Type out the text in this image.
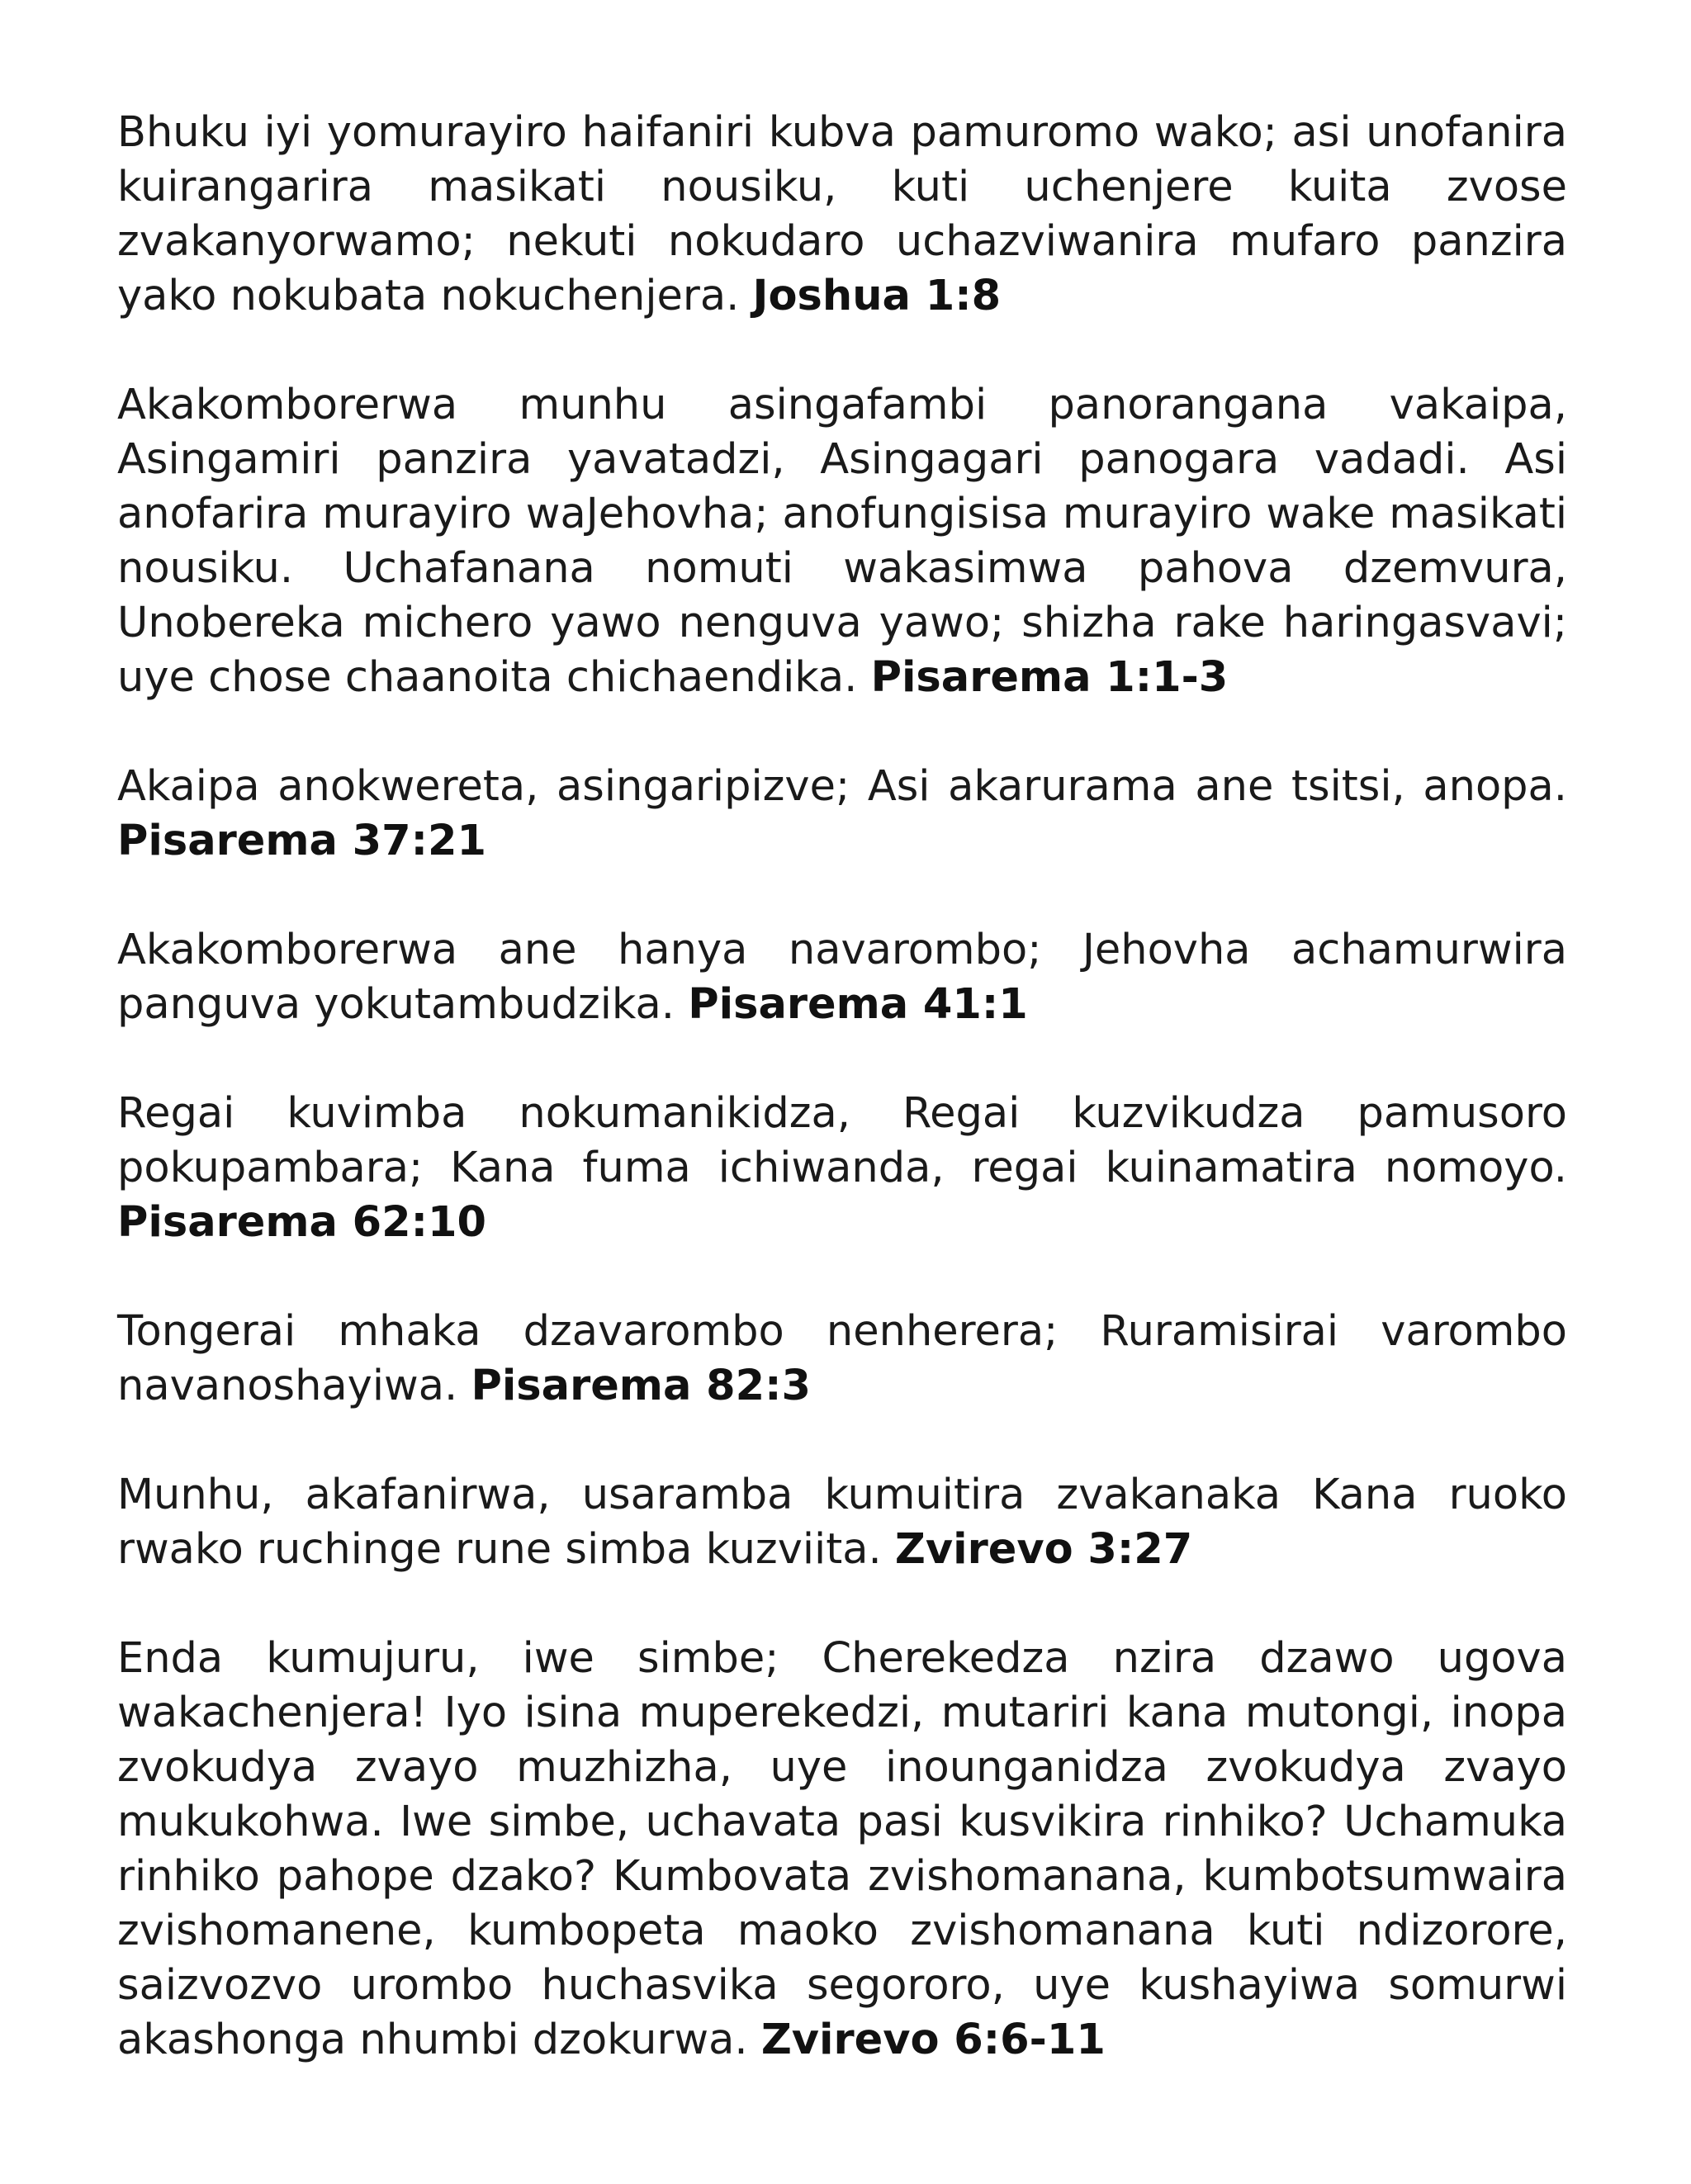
Bhuku iyi yomurayiro haifaniri kubva pamuromo wako; asi unofanira kuirangarira masikati nousiku, kuti uchenjere kuita zvose zvakanyorwamo; nekuti nokudaro uchazviwanira mufaro panzira yako nokubata nokuchenjera. Joshua 1:8

Akakomborerwa munhu asingafambi panorangana vakaipa, Asingamiri panzira yavatadzi, Asingagari panogara vadadi. Asi anofarira murayiro waJehovha; anofungisisa murayiro wake masikati nousiku. Uchafanana nomuti wakasimwa pahova dzemvura, Unobereka michero yawo nenguva yawo; shizha rake haringasvavi; uye chose chaanoita chichaendika. Pisarema 1:1-3

Akaipa anokwereta, asingaripizve; Asi akarurama ane tsitsi, anopa. Pisarema 37:21

Akakomborerwa ane hanya navarombo; Jehovha achamurwira panguva yokutambudzika. Pisarema 41:1

Regai kuvimba nokumanikidza, Regai kuzvikudza pamusoro pokupambara; Kana fuma ichiwanda, regai kuinamatira nomoyo. Pisarema 62:10

Tongerai mhaka dzavarombo nenherera; Ruramisirai varombo navanoshayiwa. Pisarema 82:3

Munhu, akafanirwa, usaramba kumuitira zvakanaka Kana ruoko rwako ruchinge rune simba kuzviita. Zvirevo 3:27

Enda kumujuru, iwe simbe; Cherekedza nzira dzawo ugova wakachenjera! Iyo isina muperekedzi, mutariri kana mutongi, inopa zvokudya zvayo muzhizha, uye inounganidza zvokudya zvayo mukukohwa. Iwe simbe, uchavata pasi kusvikira rinhiko? Uchamuka rinhiko pahope dzako? Kumbovata zvishomanana, kumbotsumwaira zvishomanene, kumbopeta maoko zvishomanana kuti ndizorore, saizvozvo urombo huchasvika segororo, uye kushayiwa somurwi akashonga nhumbi dzokurwa. Zvirevo 6:6-11
